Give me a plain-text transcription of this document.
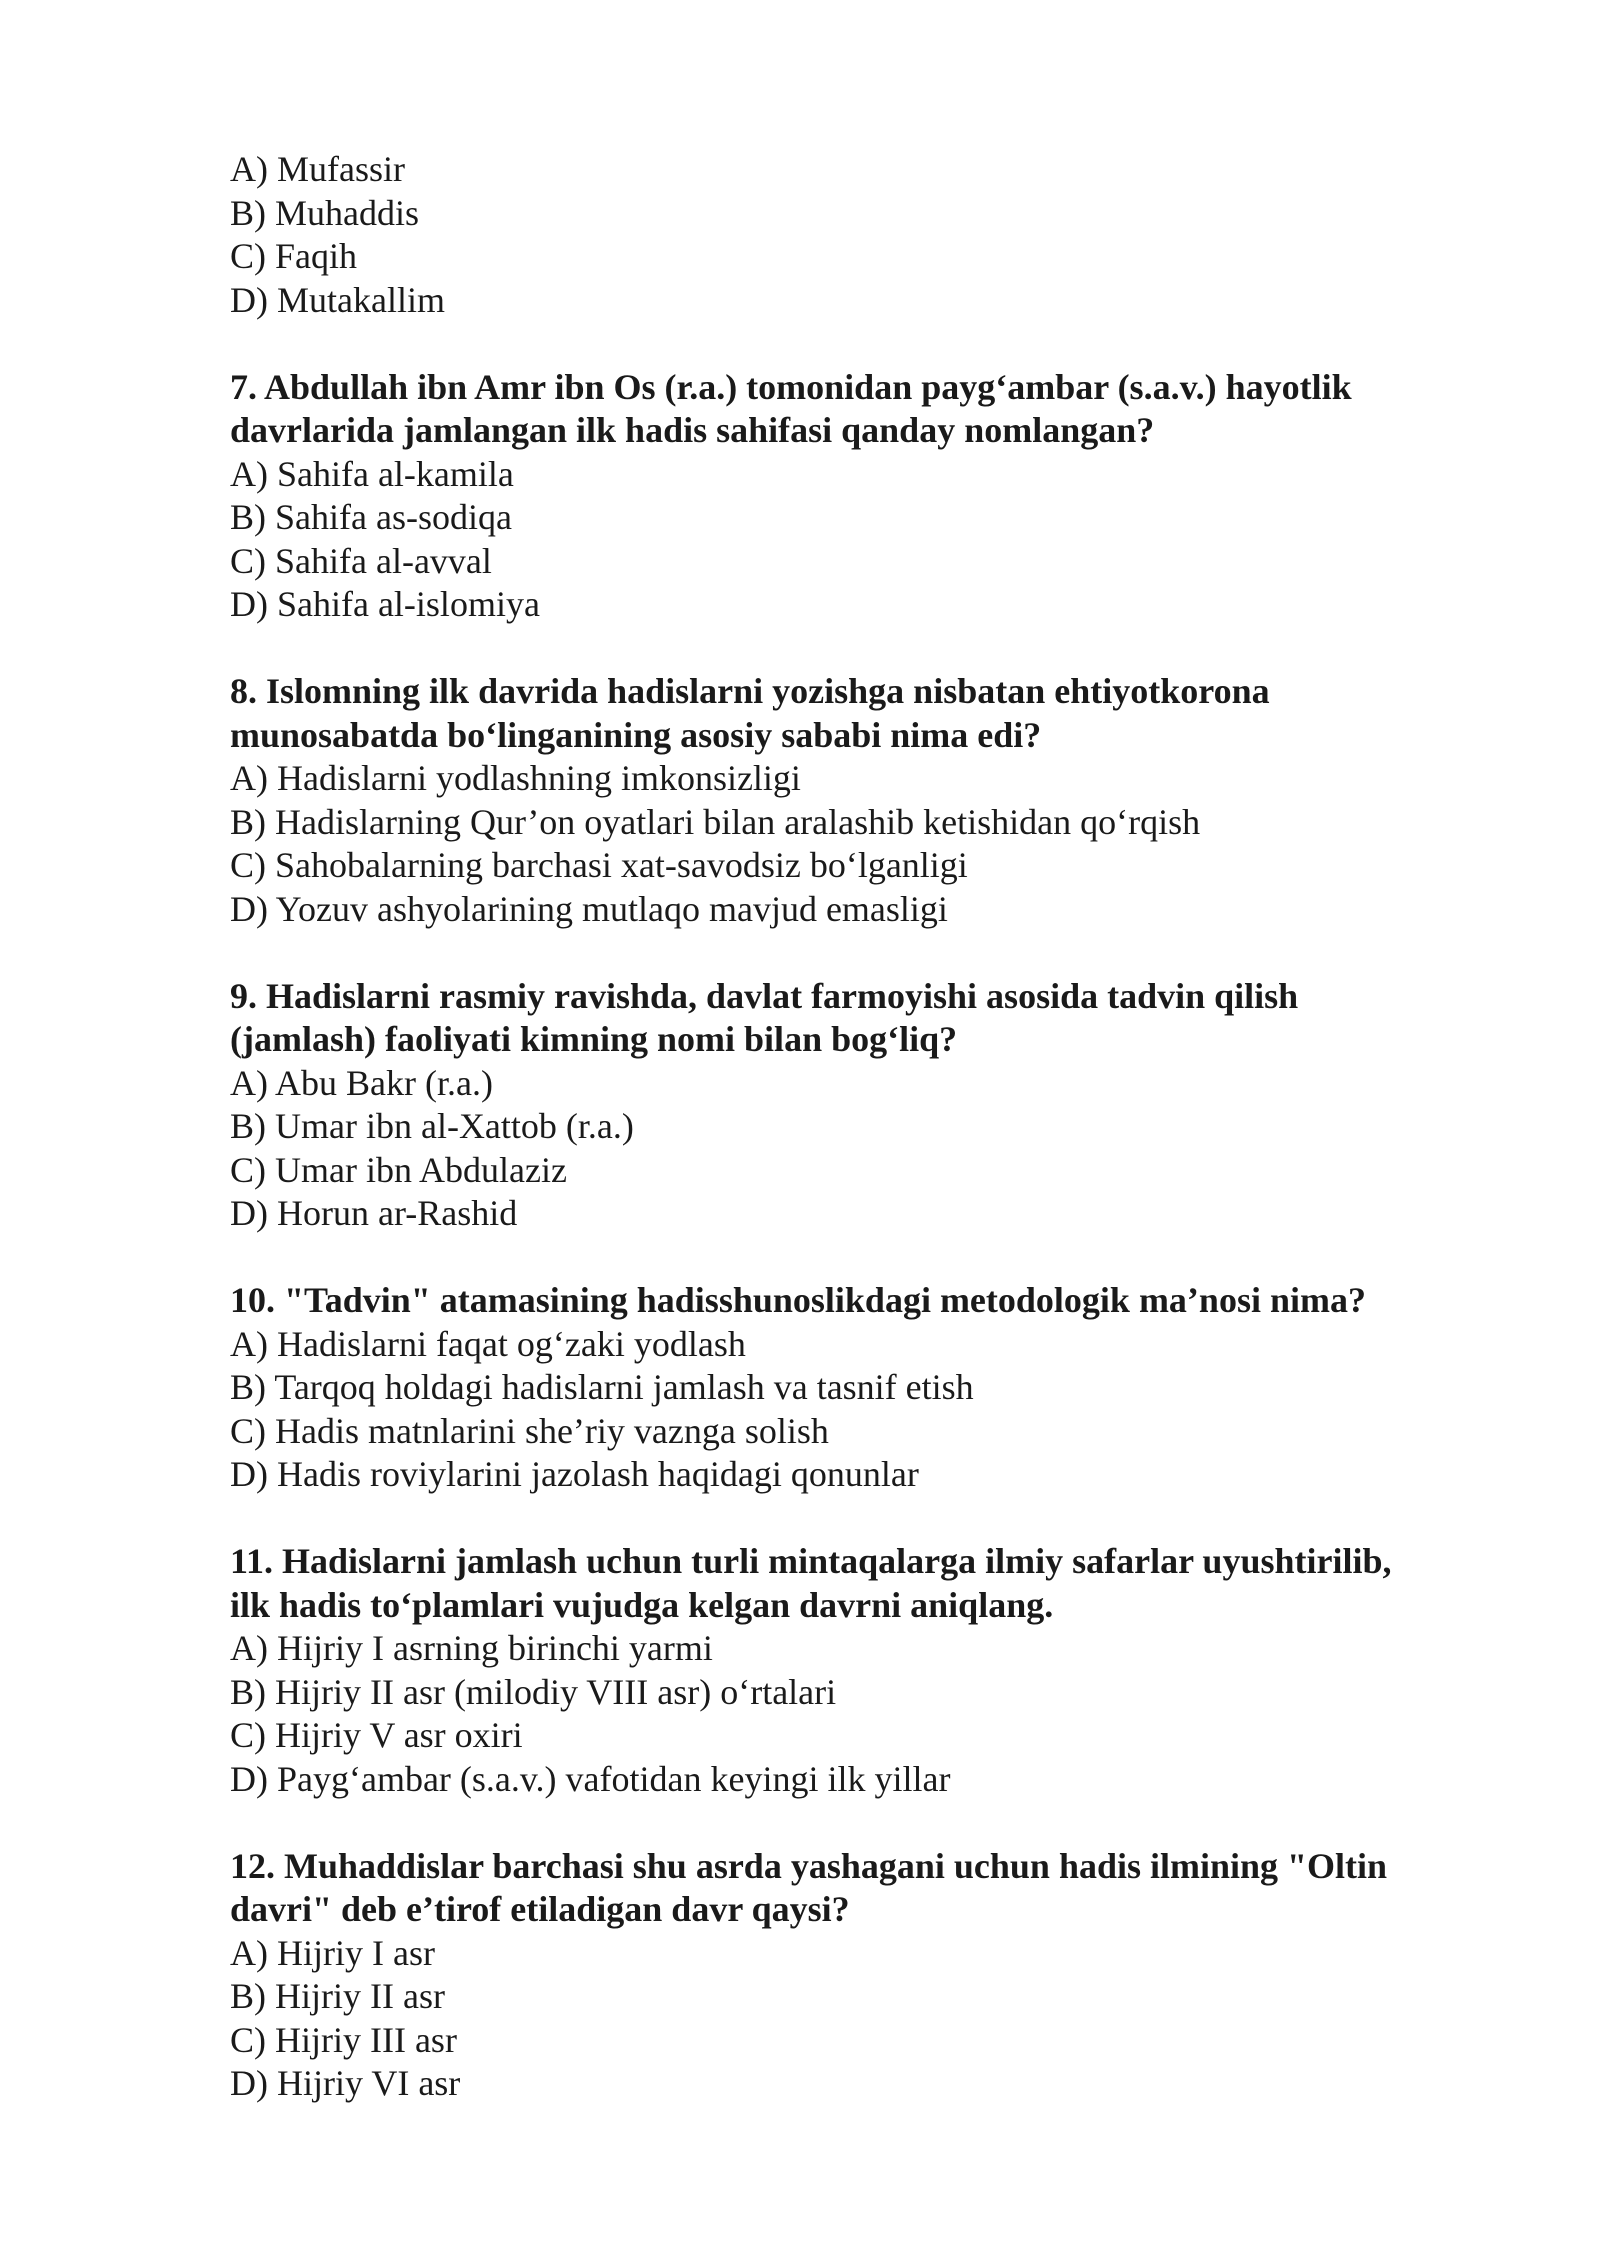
A) Mufassir
B) Muhaddis
C) Faqih
D) Mutakallim
7. Abdullah ibn Amr ibn Os (r.a.) tomonidan payg‘ambar (s.a.v.) hayotlik
davrlarida jamlangan ilk hadis sahifasi qanday nomlangan?
A) Sahifa al-kamila
B) Sahifa as-sodiqa
C) Sahifa al-avval
D) Sahifa al-islomiya
8. Islomning ilk davrida hadislarni yozishga nisbatan ehtiyotkorona
munosabatda bo‘linganining asosiy sababi nima edi?
A) Hadislarni yodlashning imkonsizligi
B) Hadislarning Qur’on oyatlari bilan aralashib ketishidan qo‘rqish
C) Sahobalarning barchasi xat-savodsiz bo‘lganligi
D) Yozuv ashyolarining mutlaqo mavjud emasligi
9. Hadislarni rasmiy ravishda, davlat farmoyishi asosida tadvin qilish
(jamlash) faoliyati kimning nomi bilan bog‘liq?
A) Abu Bakr (r.a.)
B) Umar ibn al-Xattob (r.a.)
C) Umar ibn Abdulaziz
D) Horun ar-Rashid
10. "Tadvin" atamasining hadisshunoslikdagi metodologik ma’nosi nima?
A) Hadislarni faqat og‘zaki yodlash
B) Tarqoq holdagi hadislarni jamlash va tasnif etish
C) Hadis matnlarini she’riy vaznga solish
D) Hadis roviylarini jazolash haqidagi qonunlar
11. Hadislarni jamlash uchun turli mintaqalarga ilmiy safarlar uyushtirilib,
ilk hadis to‘plamlari vujudga kelgan davrni aniqlang.
A) Hijriy I asrning birinchi yarmi
B) Hijriy II asr (milodiy VIII asr) o‘rtalari
C) Hijriy V asr oxiri
D) Payg‘ambar (s.a.v.) vafotidan keyingi ilk yillar
12. Muhaddislar barchasi shu asrda yashagani uchun hadis ilmining "Oltin
davri" deb e’tirof etiladigan davr qaysi?
A) Hijriy I asr
B) Hijriy II asr
C) Hijriy III asr
D) Hijriy VI asr
